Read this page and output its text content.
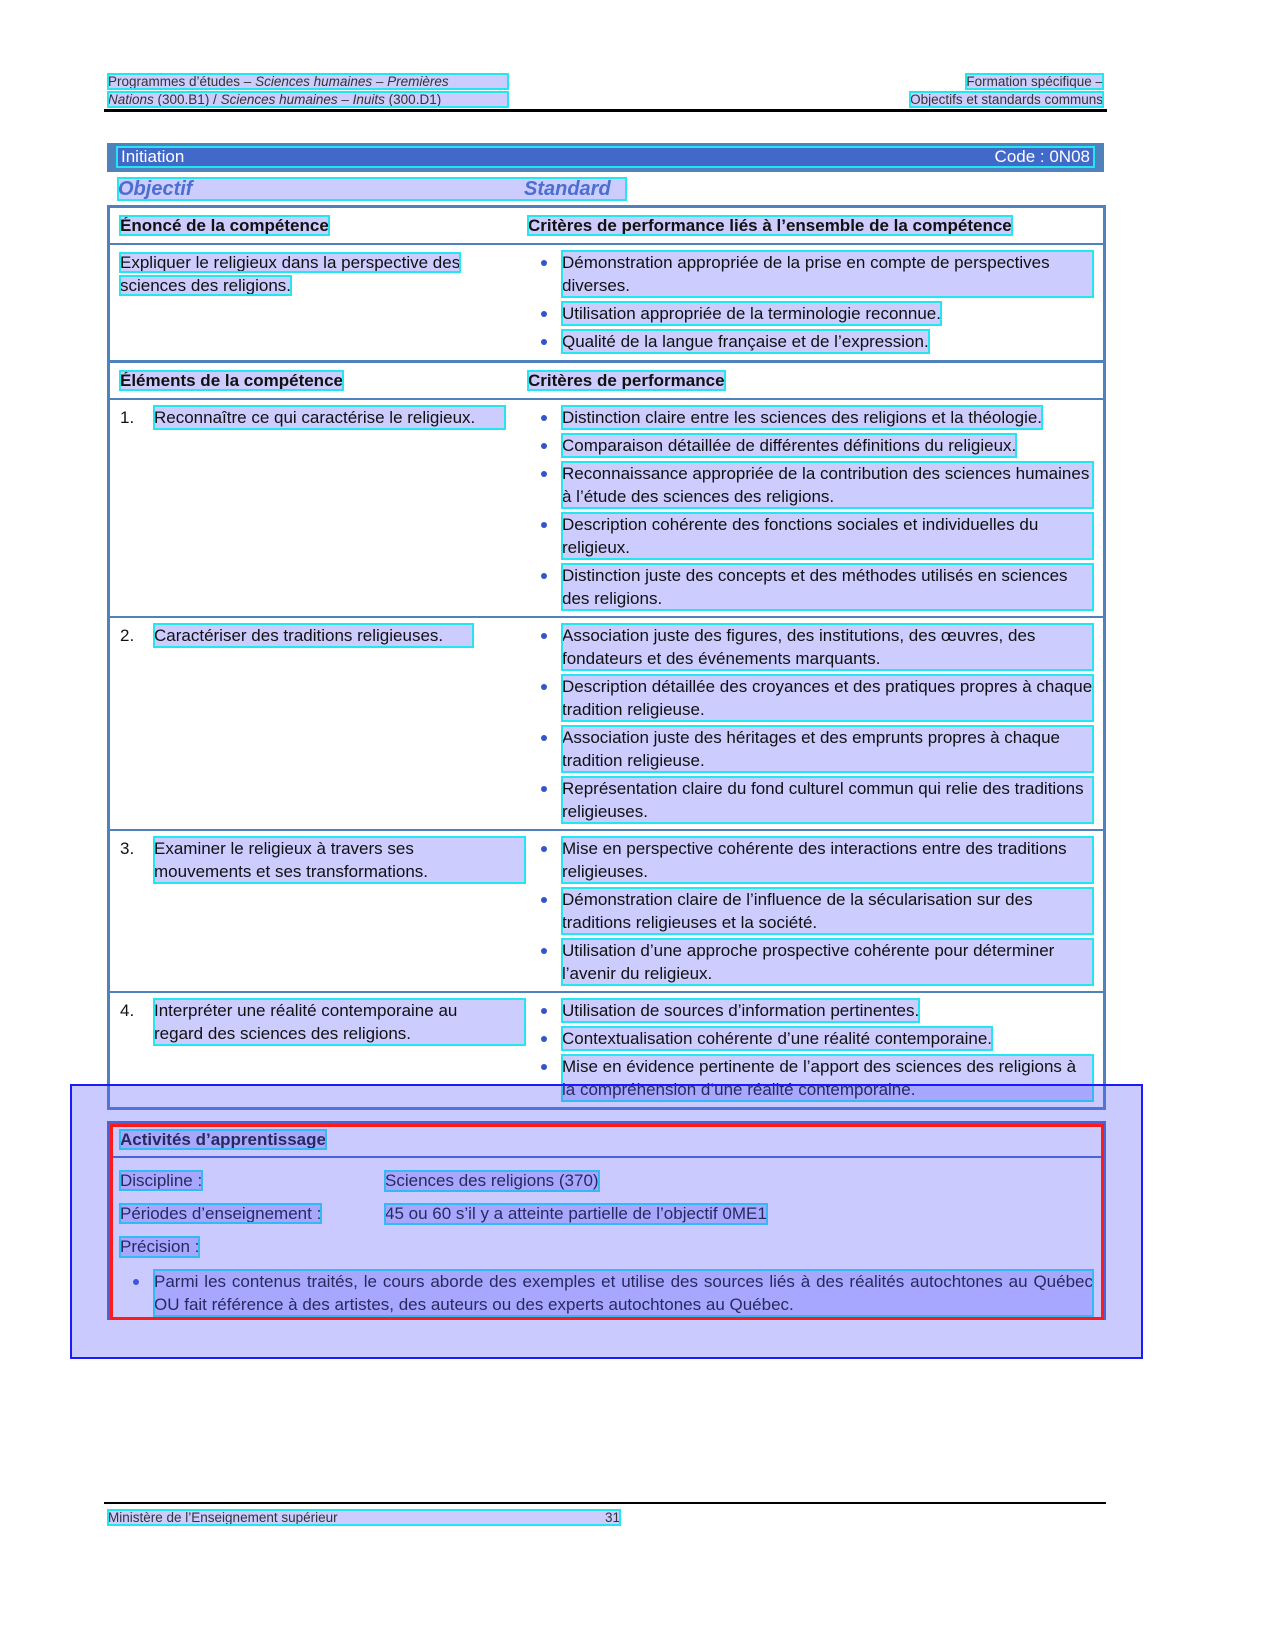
Programmes d’études – Sciences humaines – Premières	Formation spécifique –
Nations (300.B1) / Sciences humaines – Inuits (300.D1)	Objectifs et standards communs
Initiation	Code : 0N08
Objectif	Standard
Énoncé de la compétence	Critères de performance liés à l’ensemble de la compétence
Expliquer le religieux dans la perspective des sciences des religions.
Démonstration appropriée de la prise en compte de perspectives diverses.
Utilisation appropriée de la terminologie reconnue.
Qualité de la langue française et de l’expression.
Éléments de la compétence	Critères de performance
1.	Reconnaître ce qui caractérise le religieux.	Distinction claire entre les sciences des religions et la théologie.
Comparaison détaillée de différentes définitions du religieux.
Reconnaissance appropriée de la contribution des sciences humaines à l’étude des sciences des religions.
Description cohérente des fonctions sociales et individuelles du religieux.
Distinction juste des concepts et des méthodes utilisés en sciences des religions.
2.	Caractériser des traditions religieuses.	Association juste des figures, des institutions, des œuvres, des fondateurs et des événements marquants.
Description détaillée des croyances et des pratiques propres à chaque tradition religieuse.
Association juste des héritages et des emprunts propres à chaque tradition religieuse.
Représentation claire du fond culturel commun qui relie des traditions religieuses.
3.	Examiner le religieux à travers ses mouvements et ses transformations.
Mise en perspective cohérente des interactions entre des traditions religieuses.
Démonstration claire de l’influence de la sécularisation sur des traditions religieuses et la société.
Utilisation d’une approche prospective cohérente pour déterminer l’avenir du religieux.
4.	Interpréter une réalité contemporaine au regard des sciences des religions.
Utilisation de sources d’information pertinentes.
Contextualisation cohérente d’une réalité contemporaine.
Mise en évidence pertinente de l’apport des sciences des religions à la compréhension d’une réalité contemporaine.
Activités d’apprentissage
Discipline :	Sciences des religions (370)
Périodes d’enseignement :	45 ou 60 s’il y a atteinte partielle de l’objectif 0ME1
Précision :
Parmi les contenus traités, le cours aborde des exemples et utilise des sources liés à des réalités autochtones au Québec OU fait référence à des artistes, des auteurs ou des experts autochtones au Québec.
Ministère de l’Enseignement supérieur	31
